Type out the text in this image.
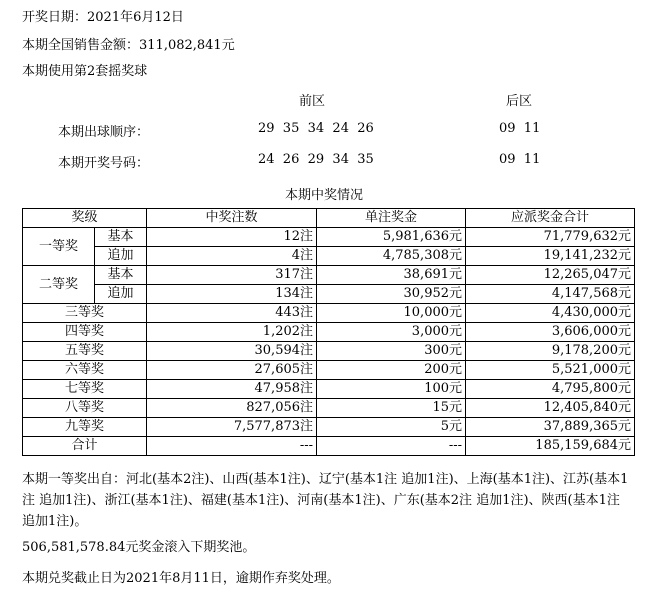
开奖日期：2021年6月12日
本期全国销售金额：311,082,841元
本期使用第2套摇奖球
前区	后区
本期出球顺序：	29  35  34  24  26	09  11
本期开奖号码：	24  26  29  34  35	09  11
本期中奖情况
奖级		中奖注数	单注奖金	应派奖金合计
一等奖	基本	12注	5,981,636元	71,779,632元
	追加	4注	4,785,308元	19,141,232元
二等奖	基本	317注	38,691元	12,265,047元
	追加	134注	30,952元	4,147,568元
三等奖		443注	10,000元	4,430,000元
四等奖		1,202注	3,000元	3,606,000元
五等奖		30,594注	300元	9,178,200元
六等奖		27,605注	200元	5,521,000元
七等奖		47,958注	100元	4,795,800元
八等奖		827,056注	15元	12,405,840元
九等奖		7,577,873注	5元	37,889,365元
合计		---	---	185,159,684元
本期一等奖出自：河北(基本2注)、山西(基本1注)、辽宁(基本1注 追加1注)、上海(基本1注)、江苏(基本1注 追加1注)、浙江(基本1注)、福建(基本1注)、河南(基本1注)、广东(基本2注 追加1注)、陕西(基本1注 追加1注)。
506,581,578.84元奖金滚入下期奖池。
本期兑奖截止日为2021年8月11日，逾期作弃奖处理。
